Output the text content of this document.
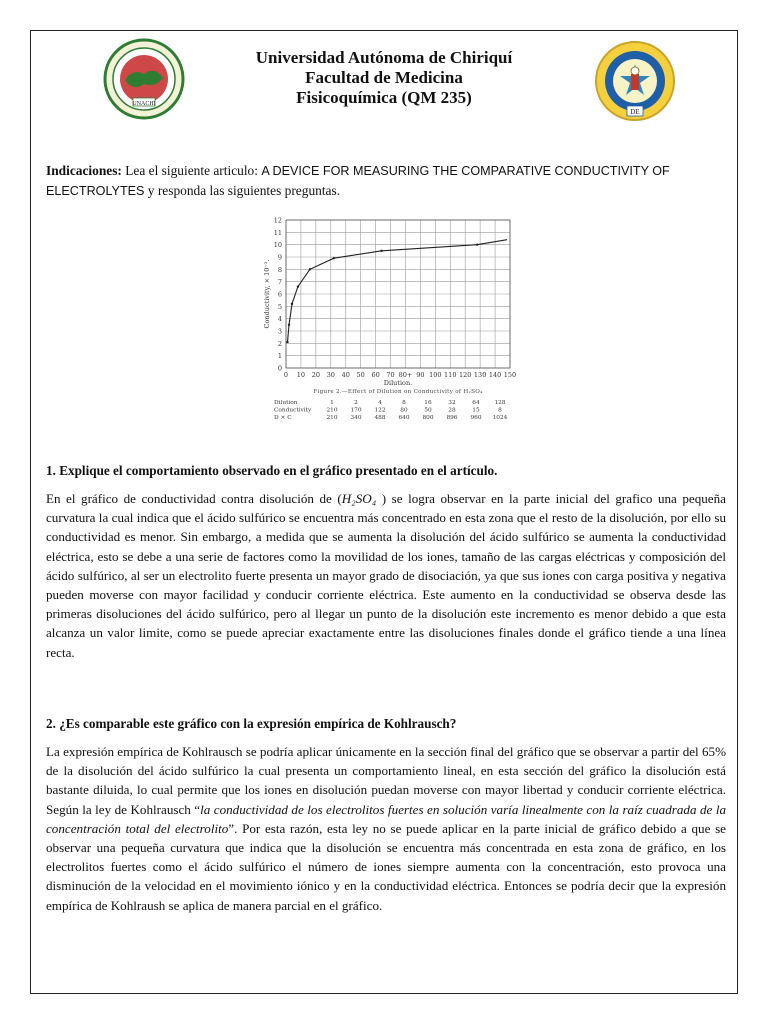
UNACHI
DE
Universidad Autónoma de Chiriquí
Facultad de Medicina
Fisicoquímica (QM 235)
Indicaciones: Lea el siguiente articulo: A DEVICE FOR MEASURING THE COMPARATIVE CONDUCTIVITY OF ELECTROLYTES y responda las siguientes preguntas.
0
1
2
3
4
5
6
7
8
9
10
11
12
0 10 20 30 40 50 60 70 80+ 90 100 110 120 130 140 150
Dilution.
Conductivity, × 10⁻³.
Figure 2.—Effect of Dilution on Conductivity of H₂SO₄
Dilution	1	2	4	8	16	32	64	128
Conductivity	210 170 122	80	50	28	15	8
D × C	210 340 488 640 800 896 960 1024
1. Explique el comportamiento observado en el gráfico presentado en el artículo.
En el gráfico de conductividad contra disolución de (H₂SO₄ ) se logra observar en la parte inicial del grafico una pequeña curvatura la cual indica que el ácido sulfúrico se encuentra más concentrado en esta zona que el resto de la disolución, por ello su conductividad es menor. Sin embargo, a medida que se aumenta la disolución del ácido sulfúrico se aumenta la conductividad eléctrica, esto se debe a una serie de factores como la movilidad de los iones, tamaño de las cargas eléctricas y composición del ácido sulfúrico, al ser un electrolito fuerte presenta un mayor grado de disociación, ya que sus iones con carga positiva y negativa pueden moverse con mayor facilidad y conducir corriente eléctrica. Este aumento en la conductividad se observa desde las primeras disoluciones del ácido sulfúrico, pero al llegar un punto de la disolución este incremento es menor debido a que esta alcanza un valor limite, como se puede apreciar exactamente entre las disoluciones finales donde el gráfico tiende a una línea recta.
2. ¿Es comparable este gráfico con la expresión empírica de Kohlrausch?
La expresión empírica de Kohlrausch se podría aplicar únicamente en la sección final del gráfico que se observar a partir del 65% de la disolución del ácido sulfúrico la cual presenta un comportamiento lineal, en esta sección del gráfico la disolución está bastante diluida, lo cual permite que los iones en disolución puedan moverse con mayor libertad y conducir corriente eléctrica. Según la ley de Kohlrausch “la conductividad de los electrolitos fuertes en solución varía linealmente con la raíz cuadrada de la concentración total del electrolito”. Por esta razón, esta ley no se puede aplicar en la parte inicial de gráfico debido a que se observar una pequeña curvatura que indica que la disolución se encuentra más concentrada en esta zona de gráfico, en los electrolitos fuertes como el ácido sulfúrico el número de iones siempre aumenta con la concentración, esto provoca una disminución de la velocidad en el movimiento iónico y en la conductividad eléctrica. Entonces se podría decir que la expresión empírica de Kohlraush se aplica de manera parcial en el gráfico.
